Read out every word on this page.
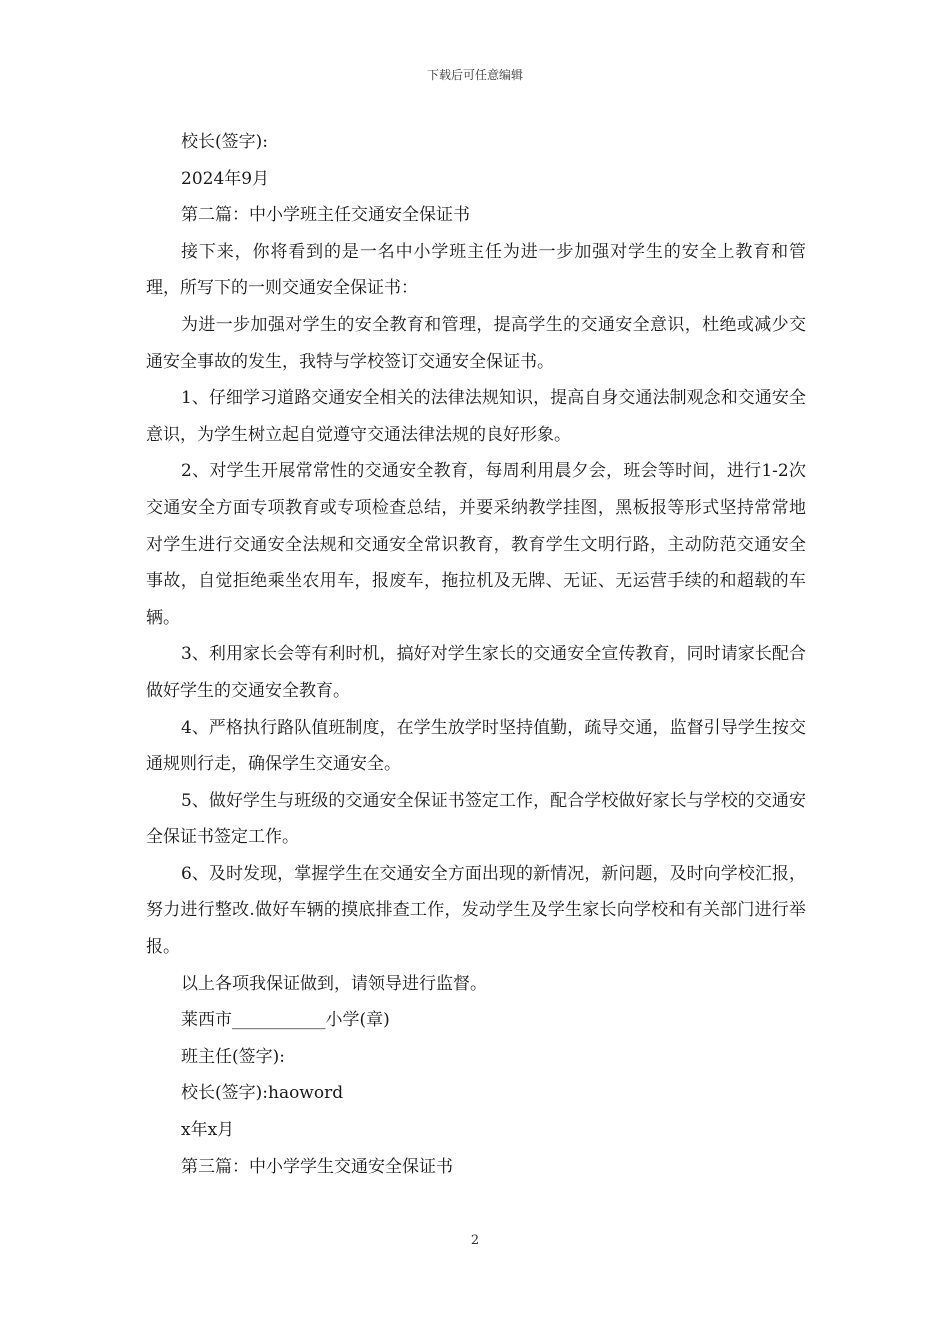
下载后可任意编辑

校长(签字):

2024年9月

第二篇：中小学班主任交通安全保证书

接下来，你将看到的是一名中小学班主任为进一步加强对学生的安全上教育和管理，所写下的一则交通安全保证书：

为进一步加强对学生的安全教育和管理，提高学生的交通安全意识，杜绝或减少交通安全事故的发生，我特与学校签订交通安全保证书。

1、仔细学习道路交通安全相关的法律法规知识，提高自身交通法制观念和交通安全意识，为学生树立起自觉遵守交通法律法规的良好形象。

2、对学生开展常常性的交通安全教育，每周利用晨夕会，班会等时间，进行1-2次交通安全方面专项教育或专项检查总结，并要采纳教学挂图，黑板报等形式坚持常常地对学生进行交通安全法规和交通安全常识教育，教育学生文明行路，主动防范交通安全事故，自觉拒绝乘坐农用车，报废车，拖拉机及无牌、无证、无运营手续的和超载的车辆。

3、利用家长会等有利时机，搞好对学生家长的交通安全宣传教育，同时请家长配合做好学生的交通安全教育。

4、严格执行路队值班制度，在学生放学时坚持值勤，疏导交通，监督引导学生按交通规则行走，确保学生交通安全。

5、做好学生与班级的交通安全保证书签定工作，配合学校做好家长与学校的交通安全保证书签定工作。

6、及时发现，掌握学生在交通安全方面出现的新情况，新问题，及时向学校汇报，努力进行整改.做好车辆的摸底排查工作，发动学生及学生家长向学校和有关部门进行举报。

以上各项我保证做到，请领导进行监督。

莱西市___________小学(章)

班主任(签字):

校长(签字):haoword

x年x月

第三篇：中小学学生交通安全保证书

2
